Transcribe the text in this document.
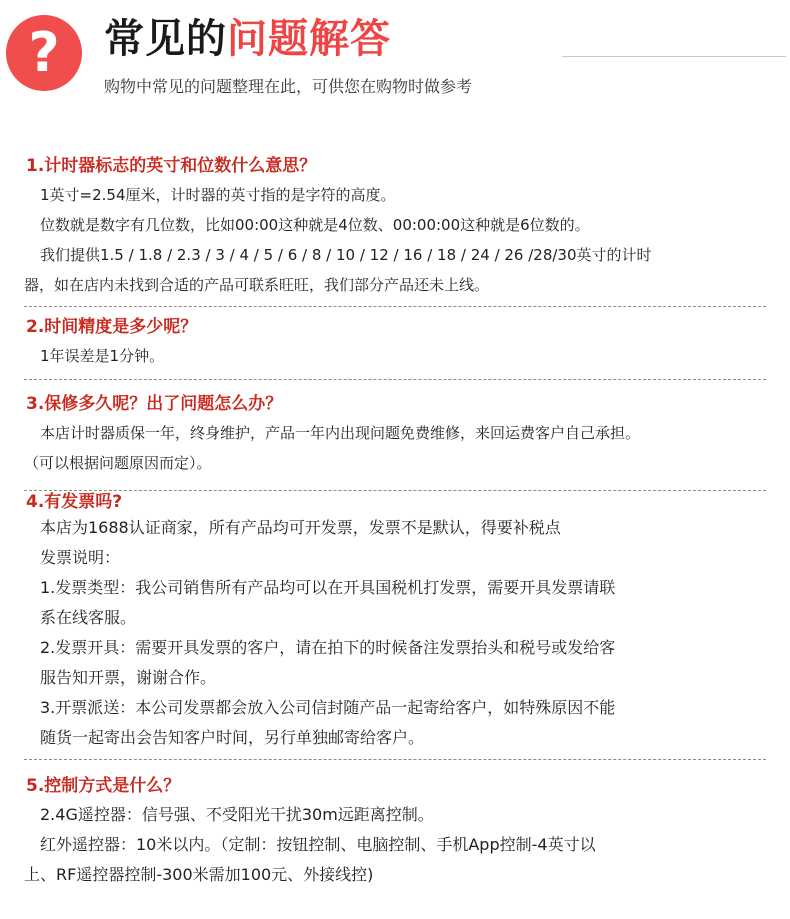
?	常见的问题解答
购物中常见的问题整理在此，可供您在购物时做参考

1.计时器标志的英寸和位数什么意思？

1英寸=2.54厘米，计时器的英寸指的是字符的高度。

位数就是数字有几位数，比如00:00这种就是4位数、00:00:00这种就是6位数的。

我们提供1.5 / 1.8 / 2.3 / 3 / 4 / 5 / 6 / 8 / 10 / 12 / 16 / 18 / 24 / 26 /28/30英寸的计时

器，如在店内未找到合适的产品可联系旺旺，我们部分产品还未上线。

2.时间精度是多少呢？

1年误差是1分钟。

3.保修多久呢？出了问题怎么办？

本店计时器质保一年，终身维护，产品一年内出现问题免费维修，来回运费客户自己承担。

（可以根据问题原因而定）。

4.有发票吗?

本店为1688认证商家，所有产品均可开发票，发票不是默认，得要补税点

发票说明：

1.发票类型：我公司销售所有产品均可以在开具国税机打发票，需要开具发票请联

系在线客服。

2.发票开具：需要开具发票的客户，请在拍下的时候备注发票抬头和税号或发给客

服告知开票，谢谢合作。

3.开票派送：本公司发票都会放入公司信封随产品一起寄给客户，如特殊原因不能

随货一起寄出会告知客户时间，另行单独邮寄给客户。

5.控制方式是什么？

2.4G遥控器：信号强、不受阳光干扰30m远距离控制。

红外遥控器：10米以内。（定制：按钮控制、电脑控制、手机App控制-4英寸以

上、RF遥控器控制-300米需加100元、外接线控)
